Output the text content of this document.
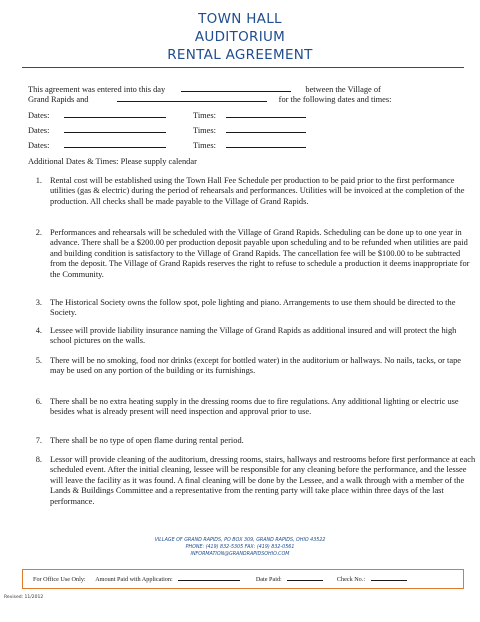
TOWN HALL
AUDITORIUM
RENTAL AGREEMENT
This agreement was entered into this day	between the Village of
Grand Rapids and	for the following dates and times:
Dates:	Times:
Dates:	Times:
Dates:	Times:
Additional Dates & Times: Please supply calendar
1. Rental cost will be established using the Town Hall Fee Schedule per production to be paid prior to the first performance utilities (gas & electric) during the period of rehearsals and performances. Utilities will be invoiced at the completion of the production. All checks shall be made payable to the Village of Grand Rapids.
2. Performances and rehearsals will be scheduled with the Village of Grand Rapids. Scheduling can be done up to one year in advance. There shall be a $200.00 per production deposit payable upon scheduling and to be refunded when utilities are paid and building condition is satisfactory to the Village of Grand Rapids. The cancellation fee will be $100.00 to be subtracted from the deposit. The Village of Grand Rapids reserves the right to refuse to schedule a production it deems inappropriate for the Community.
3. The Historical Society owns the follow spot, pole lighting and piano. Arrangements to use them should be directed to the Society.
4. Lessee will provide liability insurance naming the Village of Grand Rapids as additional insured and will protect the high school pictures on the walls.
5. There will be no smoking, food nor drinks (except for bottled water) in the auditorium or hallways. No nails, tacks, or tape may be used on any portion of the building or its furnishings.
6. There shall be no extra heating supply in the dressing rooms due to fire regulations. Any additional lighting or electric use besides what is already present will need inspection and approval prior to use.
7. There shall be no type of open flame during rental period.
8. Lessor will provide cleaning of the auditorium, dressing rooms, stairs, hallways and restrooms before first performance at each scheduled event. After the initial cleaning, lessee will be responsible for any cleaning before the performance, and the lessee will leave the facility as it was found. A final cleaning will be done by the Lessee, and a walk through with a member of the Lands & Buildings Committee and a representative from the renting party will take place within three days of the last performance.
VILLAGE OF GRAND RAPIDS, PO BOX 309, GRAND RAPIDS, OHIO 43522
PHONE: (419) 832-5305 FAX: (419) 832-0561
INFORMATION@GRANDRAPIDSOHIO.COM
For Office Use Only: Amount Paid with Application:	Date Paid:	Check No.:
Revised: 11/2012
